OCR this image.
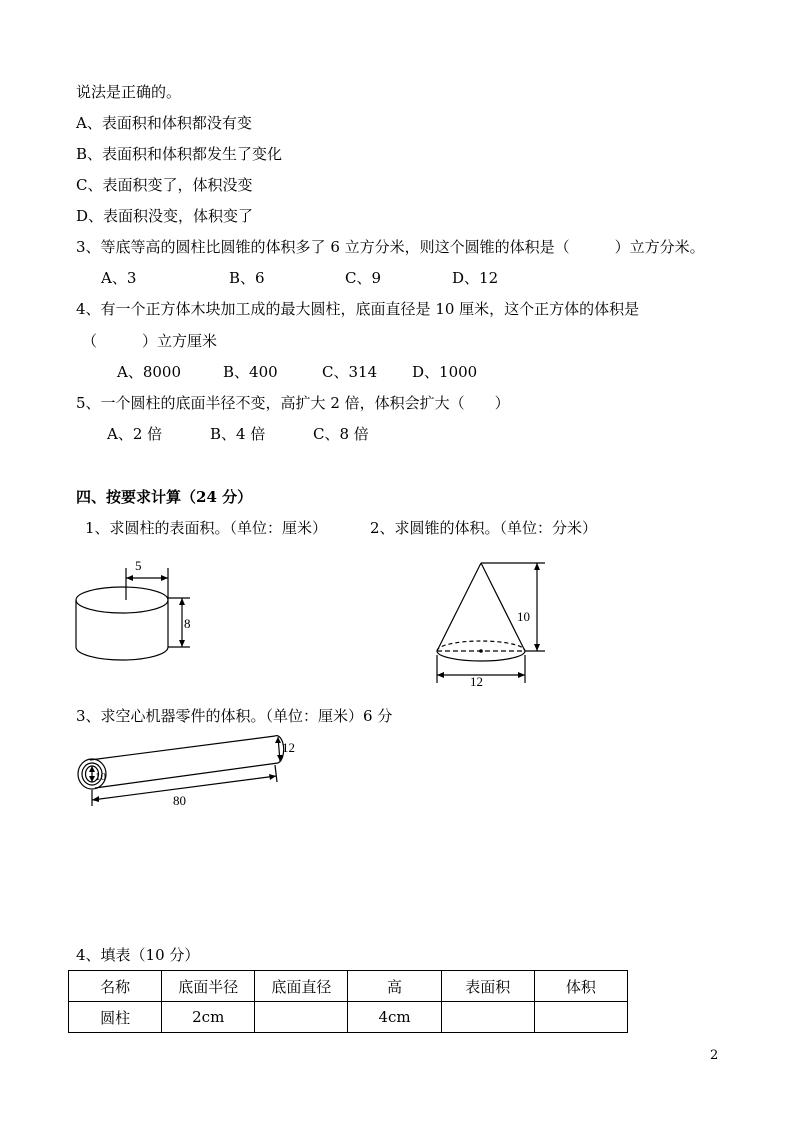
说法是正确的。
A、表面积和体积都没有变
B、表面积和体积都发生了变化
C、表面积变了，体积没变
D、表面积没变，体积变了
3、等底等高的圆柱比圆锥的体积多了 6 立方分米，则这个圆锥的体积是（　　　）立方分米。
A、3	B、6	C、9	D、12
4、有一个正方体木块加工成的最大圆柱，底面直径是 10 厘米，这个正方体的体积是
（　　　）立方厘米
A、8000	B、400	C、314 D、1000
5、一个圆柱的底面半径不变，高扩大 2 倍，体积会扩大（　　）
A、2 倍	B、4 倍	C、8 倍
四、按要求计算（24 分）
1、求圆柱的表面积。（单位：厘米）	2、求圆锥的体积。（单位：分米）
5
8	10
12
3、求空心机器零件的体积。（单位：厘米）6 分
12
10
80
4、填表（10 分）
名称	底面半径	底面直径	高	表面积	体积
圆柱	2cm		4cm		
2
